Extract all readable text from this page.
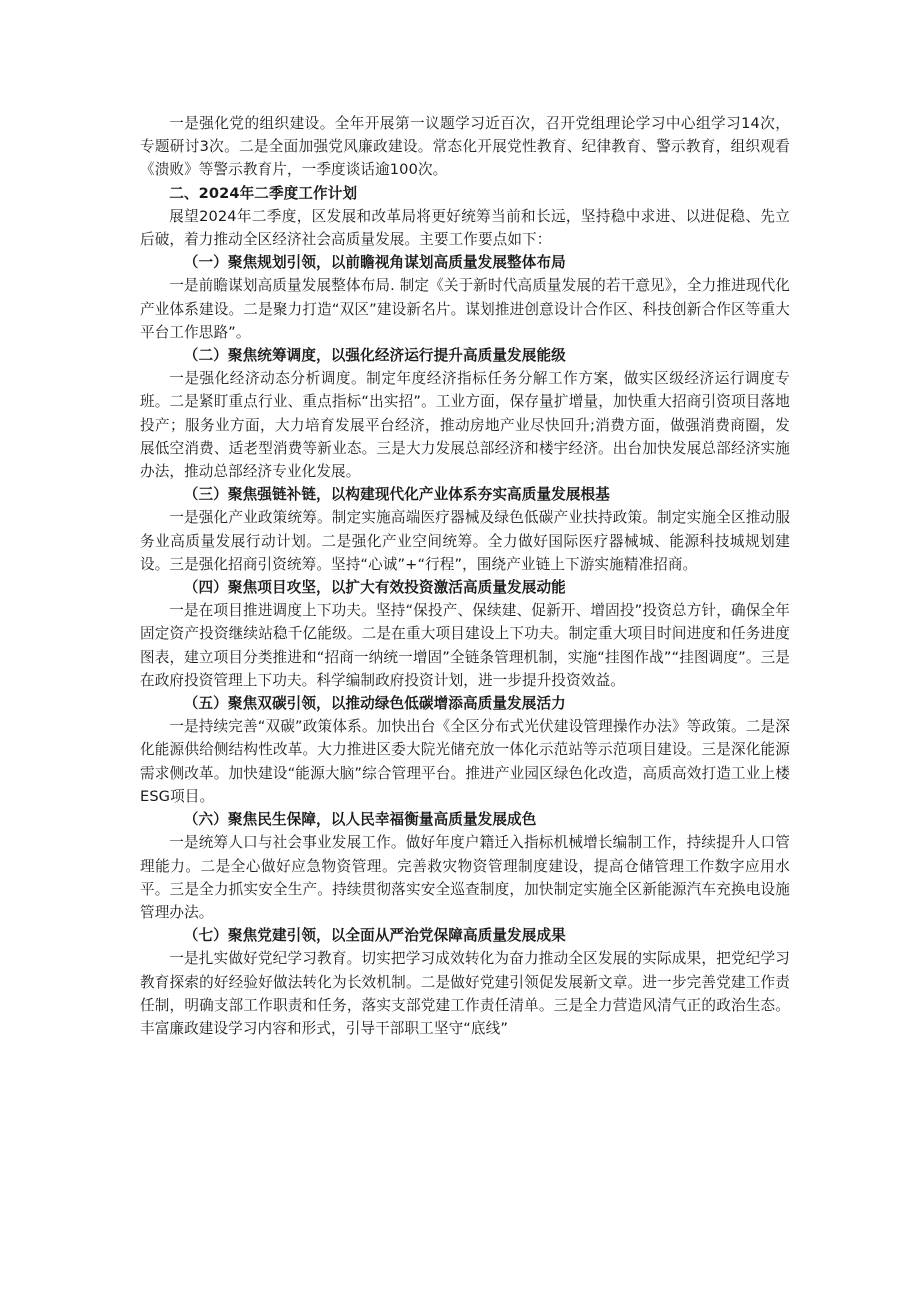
一是强化党的组织建设。全年开展第一议题学习近百次，召开党组理论学习中心组学习14次，专题研讨3次。二是全面加强党风廉政建设。常态化开展党性教育、纪律教育、警示教育，组织观看《溃败》等警示教育片，一季度谈话逾100次。

二、2024年二季度工作计划

展望2024年二季度，区发展和改革局将更好统筹当前和长远，坚持稳中求进、以进促稳、先立后破，着力推动全区经济社会高质量发展。主要工作要点如下：

（一）聚焦规划引领，以前瞻视角谋划高质量发展整体布局

一是前瞻谋划高质量发展整体布局. 制定《关于新时代高质量发展的若干意见》，全力推进现代化产业体系建设。二是聚力打造“双区”建设新名片。谋划推进创意设计合作区、科技创新合作区等重大平台工作思路”。

（二）聚焦统筹调度，以强化经济运行提升高质量发展能级

一是强化经济动态分析调度。制定年度经济指标任务分解工作方案，做实区级经济运行调度专班。二是紧盯重点行业、重点指标“出实招”。工业方面，保存量扩增量，加快重大招商引资项目落地投产；服务业方面，大力培育发展平台经济，推动房地产业尽快回升;消费方面，做强消费商圈，发展低空消费、适老型消费等新业态。三是大力发展总部经济和楼宇经济。出台加快发展总部经济实施办法，推动总部经济专业化发展。

（三）聚焦强链补链，以构建现代化产业体系夯实高质量发展根基

一是强化产业政策统筹。制定实施高端医疗器械及绿色低碳产业扶持政策。制定实施全区推动服务业高质量发展行动计划。二是强化产业空间统筹。全力做好国际医疗器械城、能源科技城规划建设。三是强化招商引资统筹。坚持“心诚”+“行程”，围绕产业链上下游实施精准招商。

（四）聚焦项目攻坚，以扩大有效投资激活高质量发展动能

一是在项目推进调度上下功夫。坚持“保投产、保续建、促新开、增固投”投资总方针，确保全年固定资产投资继续站稳千亿能级。二是在重大项目建设上下功夫。制定重大项目时间进度和任务进度图表，建立项目分类推进和“招商一纳统一增固”全链条管理机制，实施“挂图作战”“挂图调度”。三是在政府投资管理上下功夫。科学编制政府投资计划，进一步提升投资效益。

（五）聚焦双碳引领，以推动绿色低碳增添高质量发展活力

一是持续完善“双碳”政策体系。加快出台《全区分布式光伏建设管理操作办法》等政策。二是深化能源供给侧结构性改革。大力推进区委大院光储充放一体化示范站等示范项目建设。三是深化能源需求侧改革。加快建设“能源大脑”综合管理平台。推进产业园区绿色化改造，高质高效打造工业上楼ESG项目。

（六）聚焦民生保障，以人民幸福衡量高质量发展成色

一是统筹人口与社会事业发展工作。做好年度户籍迁入指标机械增长编制工作，持续提升人口管理能力。二是全心做好应急物资管理。完善救灾物资管理制度建设，提高仓储管理工作数字应用水平。三是全力抓实安全生产。持续贯彻落实安全巡查制度，加快制定实施全区新能源汽车充换电设施管理办法。

（七）聚焦党建引领，以全面从严治党保障高质量发展成果

一是扎实做好党纪学习教育。切实把学习成效转化为奋力推动全区发展的实际成果，把党纪学习教育探索的好经验好做法转化为长效机制。二是做好党建引领促发展新文章。进一步完善党建工作责任制，明确支部工作职责和任务，落实支部党建工作责任清单。三是全力营造风清气正的政治生态。丰富廉政建设学习内容和形式，引导干部职工坚守“底线”
